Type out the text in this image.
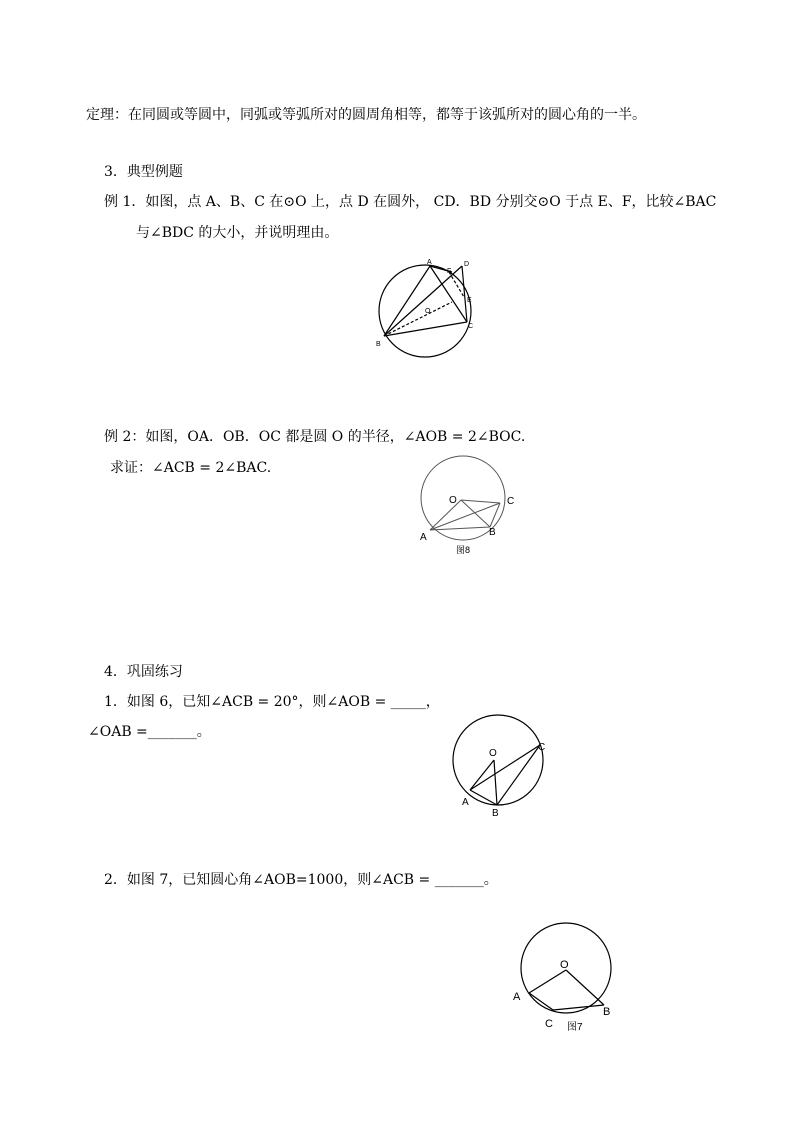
定理：在同圆或等圆中，同弧或等弧所对的圆周角相等，都等于该弧所对的圆心角的一半。
3．典型例题
例 1．如图，点 A、B、C 在⊙O 上，点 D 在圆外， CD．BD 分别交⊙O 于点 E、F，比较∠BAC
与∠BDC 的大小，并说明理由。
A
B
C
D
E
F
O
例 2：如图，OA．OB．OC 都是圆 O 的半径，∠AOB = 2∠BOC.
求证：∠ACB = 2∠BAC.
O	C
A	B
图8
4．巩固练习
1．如图 6，已知∠ACB = 20°，则∠AOB = _____，
∠OAB =_______。
O
C
A
B
2．如图 7，已知圆心角∠AOB=1000，则∠ACB = _______。
O
A
C
B
图7
